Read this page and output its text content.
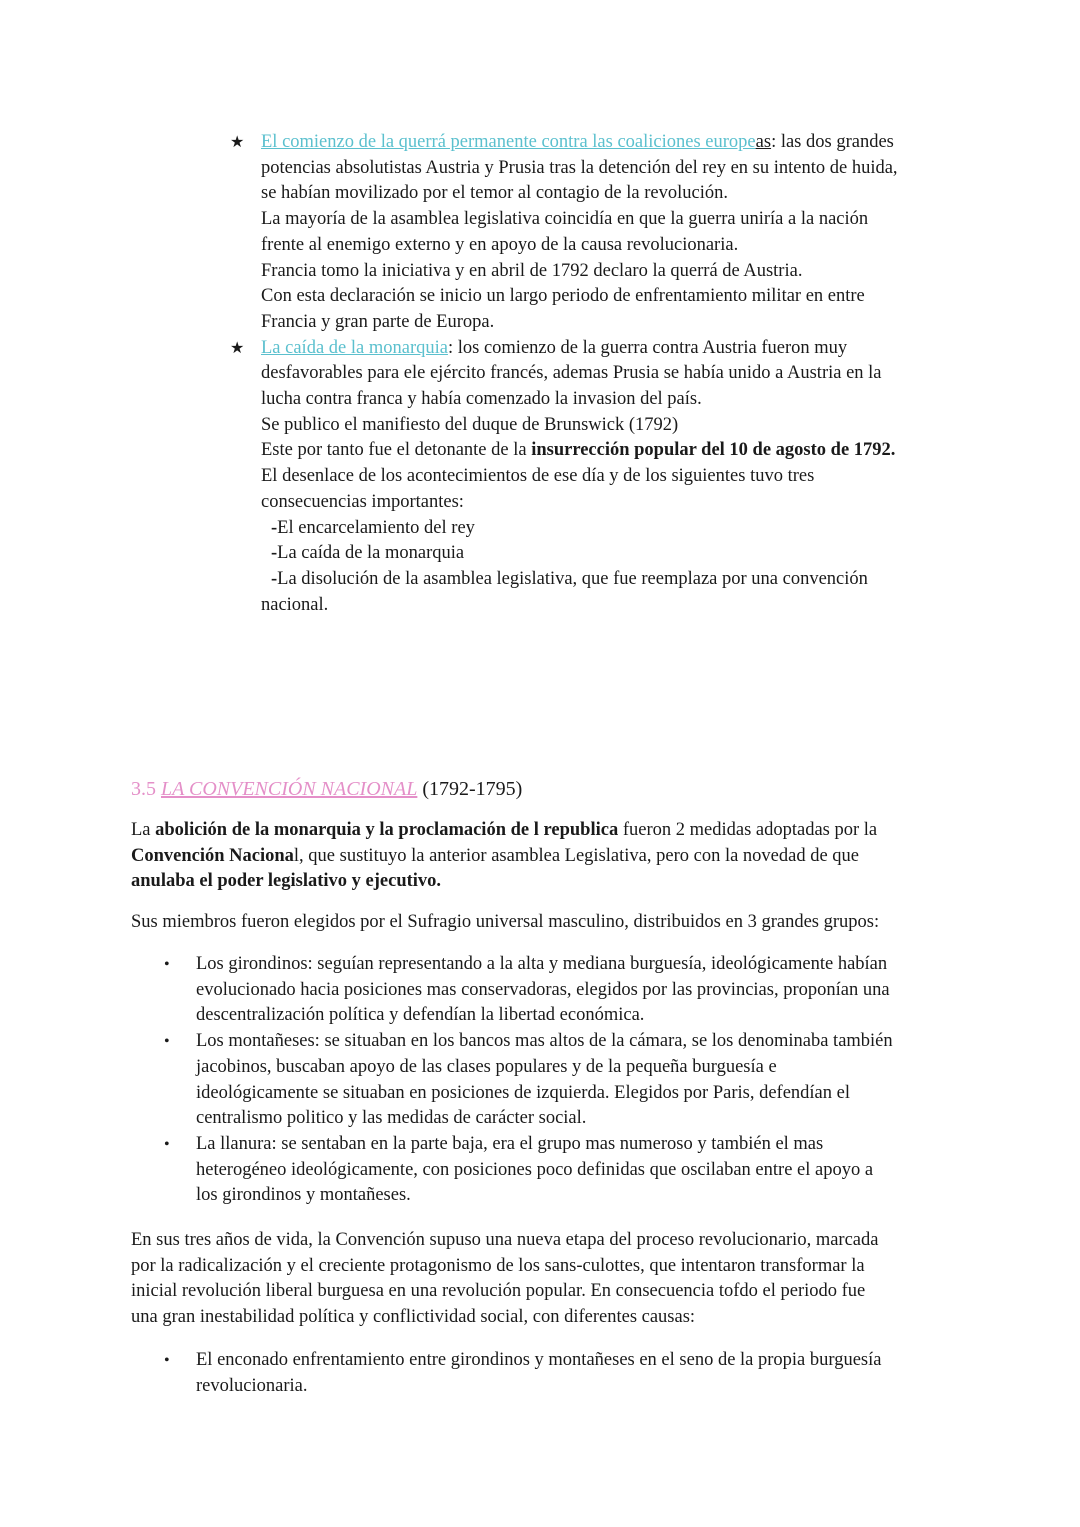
★ El comienzo de la querrá permanente contra las coaliciones europeas: las dos grandes

potencias absolutistas Austria y Prusia tras la detención del rey en su intento de huida,

se habían movilizado por el temor al contagio de la revolución.

La mayoría de la asamblea legislativa coincidía en que la guerra uniría a la nación

frente al enemigo externo y en apoyo de la causa revolucionaria.

Francia tomo la iniciativa y en abril de 1792 declaro la querrá de Austria.

Con esta declaración se inicio un largo periodo de enfrentamiento militar en entre

Francia y gran parte de Europa.

★ La caída de la monarquia: los comienzo de la guerra contra Austria fueron muy

desfavorables para ele ejército francés, ademas Prusia se había unido a Austria en la

lucha contra franca y había comenzado la invasion del país.

Se publico el manifiesto del duque de Brunswick (1792)

Este por tanto fue el detonante de la insurrección popular del 10 de agosto de 1792.

El desenlace de los acontecimientos de ese día y de los siguientes tuvo tres

consecuencias importantes:

-El encarcelamiento del rey

-La caída de la monarquia

-La disolución de la asamblea legislativa, que fue reemplaza por una convención

nacional.

3.5 LA CONVENCIÓN NACIONAL (1792-1795)

La abolición de la monarquia y la proclamación de l republica fueron 2 medidas adoptadas por la

Convención Nacional, que sustituyo la anterior asamblea Legislativa, pero con la novedad de que

anulaba el poder legislativo y ejecutivo.

Sus miembros fueron elegidos por el Sufragio universal masculino, distribuidos en 3 grandes grupos:

• Los girondinos: seguían representando a la alta y mediana burguesía, ideológicamente habían

evolucionado hacia posiciones mas conservadoras, elegidos por las provincias, proponían una

descentralización política y defendían la libertad económica.

• Los montañeses: se situaban en los bancos mas altos de la cámara, se los denominaba también

jacobinos, buscaban apoyo de las clases populares y de la pequeña burguesía e

ideológicamente se situaban en posiciones de izquierda. Elegidos por Paris, defendían el

centralismo politico y las medidas de carácter social.

• La llanura: se sentaban en la parte baja, era el grupo mas numeroso y también el mas

heterogéneo ideológicamente, con posiciones poco definidas que oscilaban entre el apoyo a

los girondinos y montañeses.

En sus tres años de vida, la Convención supuso una nueva etapa del proceso revolucionario, marcada

por la radicalización y el creciente protagonismo de los sans-culottes, que intentaron transformar la

inicial revolución liberal burguesa en una revolución popular. En consecuencia tofdo el periodo fue

una gran inestabilidad política y conflictividad social, con diferentes causas:

• El enconado enfrentamiento entre girondinos y montañeses en el seno de la propia burguesía

revolucionaria.
